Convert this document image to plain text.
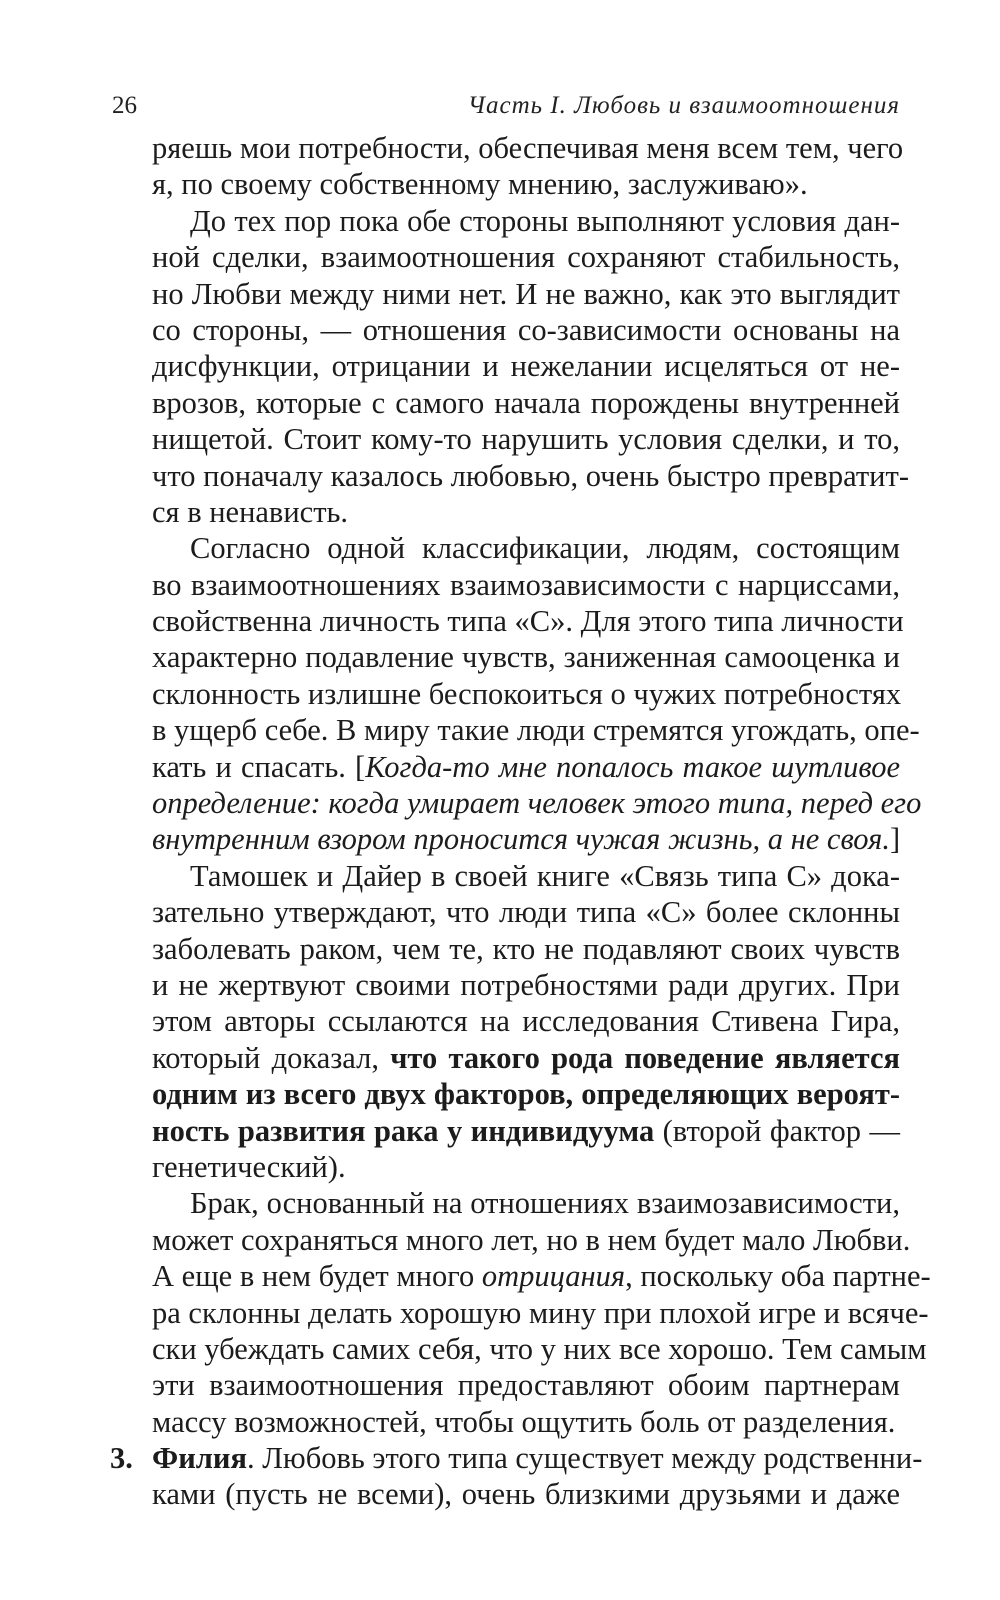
26	Часть I. Любовь и взаимоотношения
ряешь мои потребности, обеспечивая меня всем тем, чего
я, по своему собственному мнению, заслуживаю».
До тех пор пока обе стороны выполняют условия дан-
ной сделки, взаимоотношения сохраняют стабильность,
но Любви между ними нет. И не важно, как это выглядит
со стороны, — отношения со-зависимости основаны на
дисфункции, отрицании и нежелании исцеляться от не-
врозов, которые с самого начала порождены внутренней
нищетой. Стоит кому-то нарушить условия сделки, и то,
что поначалу казалось любовью, очень быстро превратит-
ся в ненависть.
Согласно одной классификации, людям, состоящим
во взаимоотношениях взаимозависимости с нарциссами,
свойственна личность типа «С». Для этого типа личности
характерно подавление чувств, заниженная самооценка и
склонность излишне беспокоиться о чужих потребностях
в ущерб себе. В миру такие люди стремятся угождать, опе-
кать и спасать. [Когда-то мне попалось такое шутливое
определение: когда умирает человек этого типа, перед его
внутренним взором проносится чужая жизнь, а не своя.]
Тамошек и Дайер в своей книге «Связь типа С» дока-
зательно утверждают, что люди типа «С» более склонны
заболевать раком, чем те, кто не подавляют своих чувств
и не жертвуют своими потребностями ради других. При
этом авторы ссылаются на исследования Стивена Гира,
который доказал, что такого рода поведение является
одним из всего двух факторов, определяющих вероят-
ность развития рака у индивидуума (второй фактор —
генетический).
Брак, основанный на отношениях взаимозависимости,
может сохраняться много лет, но в нем будет мало Любви.
А еще в нем будет много отрицания, поскольку оба партне-
ра склонны делать хорошую мину при плохой игре и всяче-
ски убеждать самих себя, что у них все хорошо. Тем самым
эти взаимоотношения предоставляют обоим партнерам
массу возможностей, чтобы ощутить боль от разделения.
3. Филия. Любовь этого типа существует между родственни-
ками (пусть не всеми), очень близкими друзьями и даже
